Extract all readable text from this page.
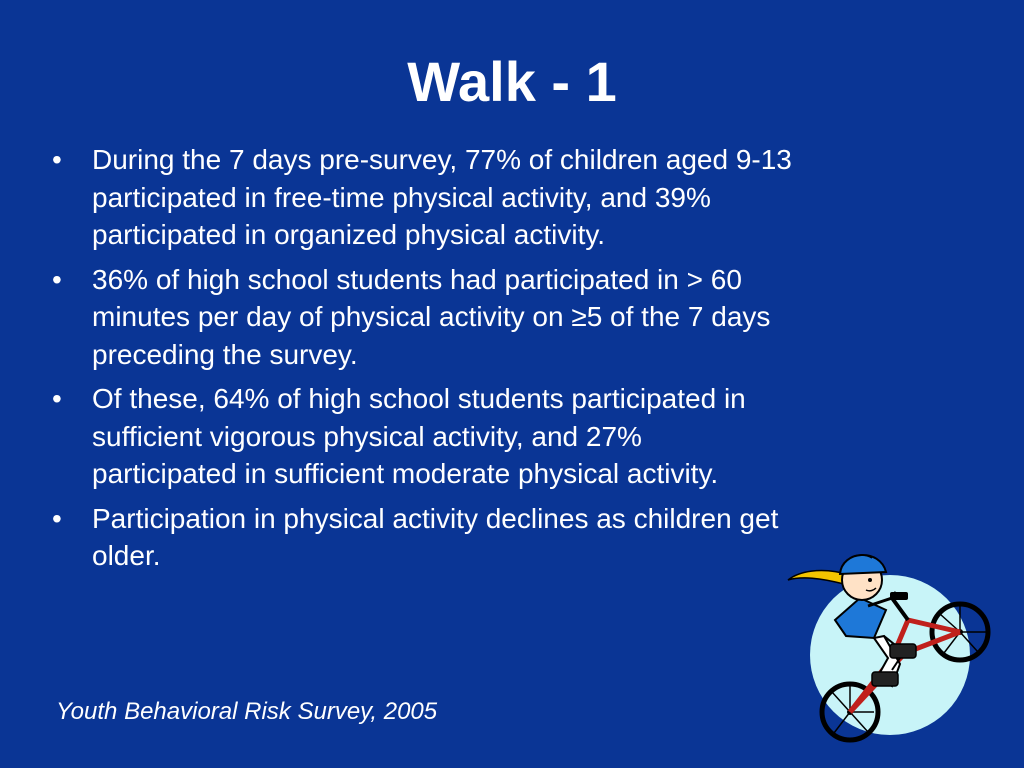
Walk - 1
•	During the 7 days pre-survey, 77% of children aged 9-13 participated in free-time physical activity, and 39% participated in organized physical activity.
•	36% of high school students had participated in > 60 minutes per day of physical activity on ≥5 of the 7 days preceding the survey.
•	Of these, 64% of high school students participated in sufficient vigorous physical activity, and 27% participated in sufficient moderate physical activity.
•	Participation in physical activity declines as children get older.

Youth Behavioral Risk Survey, 2005
